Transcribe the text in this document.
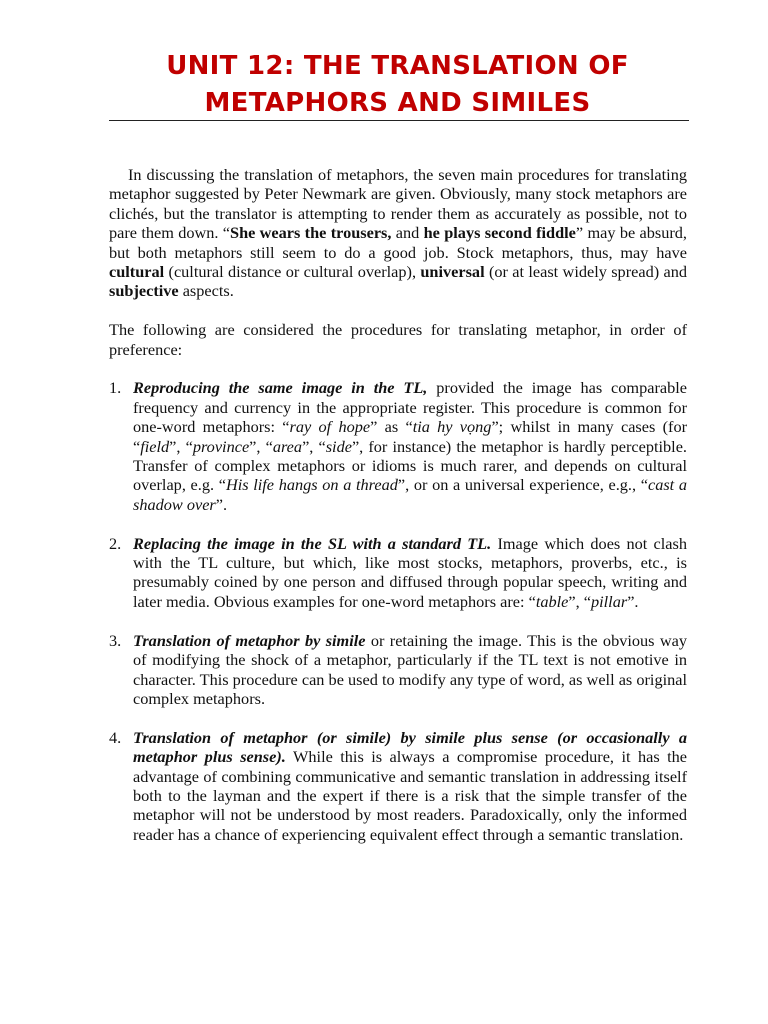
UNIT 12: THE TRANSLATION OF
METAPHORS AND SIMILES

In discussing the translation of metaphors, the seven main procedures for translating metaphor suggested by Peter Newmark are given. Obviously, many stock metaphors are clichés, but the translator is attempting to render them as accurately as possible, not to pare them down. “She wears the trousers, and he plays second fiddle” may be absurd, but both metaphors still seem to do a good job. Stock metaphors, thus, may have cultural (cultural distance or cultural overlap), universal (or at least widely spread) and subjective aspects.

The following are considered the procedures for translating metaphor, in order of preference:

1. Reproducing the same image in the TL, provided the image has comparable frequency and currency in the appropriate register. This procedure is common for one-word metaphors: “ray of hope” as “tia hy vọng”; whilst in many cases (for “field”, “province”, “area”, “side”, for instance) the metaphor is hardly perceptible. Transfer of complex metaphors or idioms is much rarer, and depends on cultural overlap, e.g. “His life hangs on a thread”, or on a universal experience, e.g., “cast a shadow over”.
2. Replacing the image in the SL with a standard TL. Image which does not clash with the TL culture, but which, like most stocks, metaphors, proverbs, etc., is presumably coined by one person and diffused through popular speech, writing and later media. Obvious examples for one-word metaphors are: “table”, “pillar”.
3. Translation of metaphor by simile or retaining the image. This is the obvious way of modifying the shock of a metaphor, particularly if the TL text is not emotive in character. This procedure can be used to modify any type of word, as well as original complex metaphors.
4. Translation of metaphor (or simile) by simile plus sense (or occasionally a metaphor plus sense). While this is always a compromise procedure, it has the advantage of combining communicative and semantic translation in addressing itself both to the layman and the expert if there is a risk that the simple transfer of the metaphor will not be understood by most readers. Paradoxically, only the informed reader has a chance of experiencing equivalent effect through a semantic translation.
